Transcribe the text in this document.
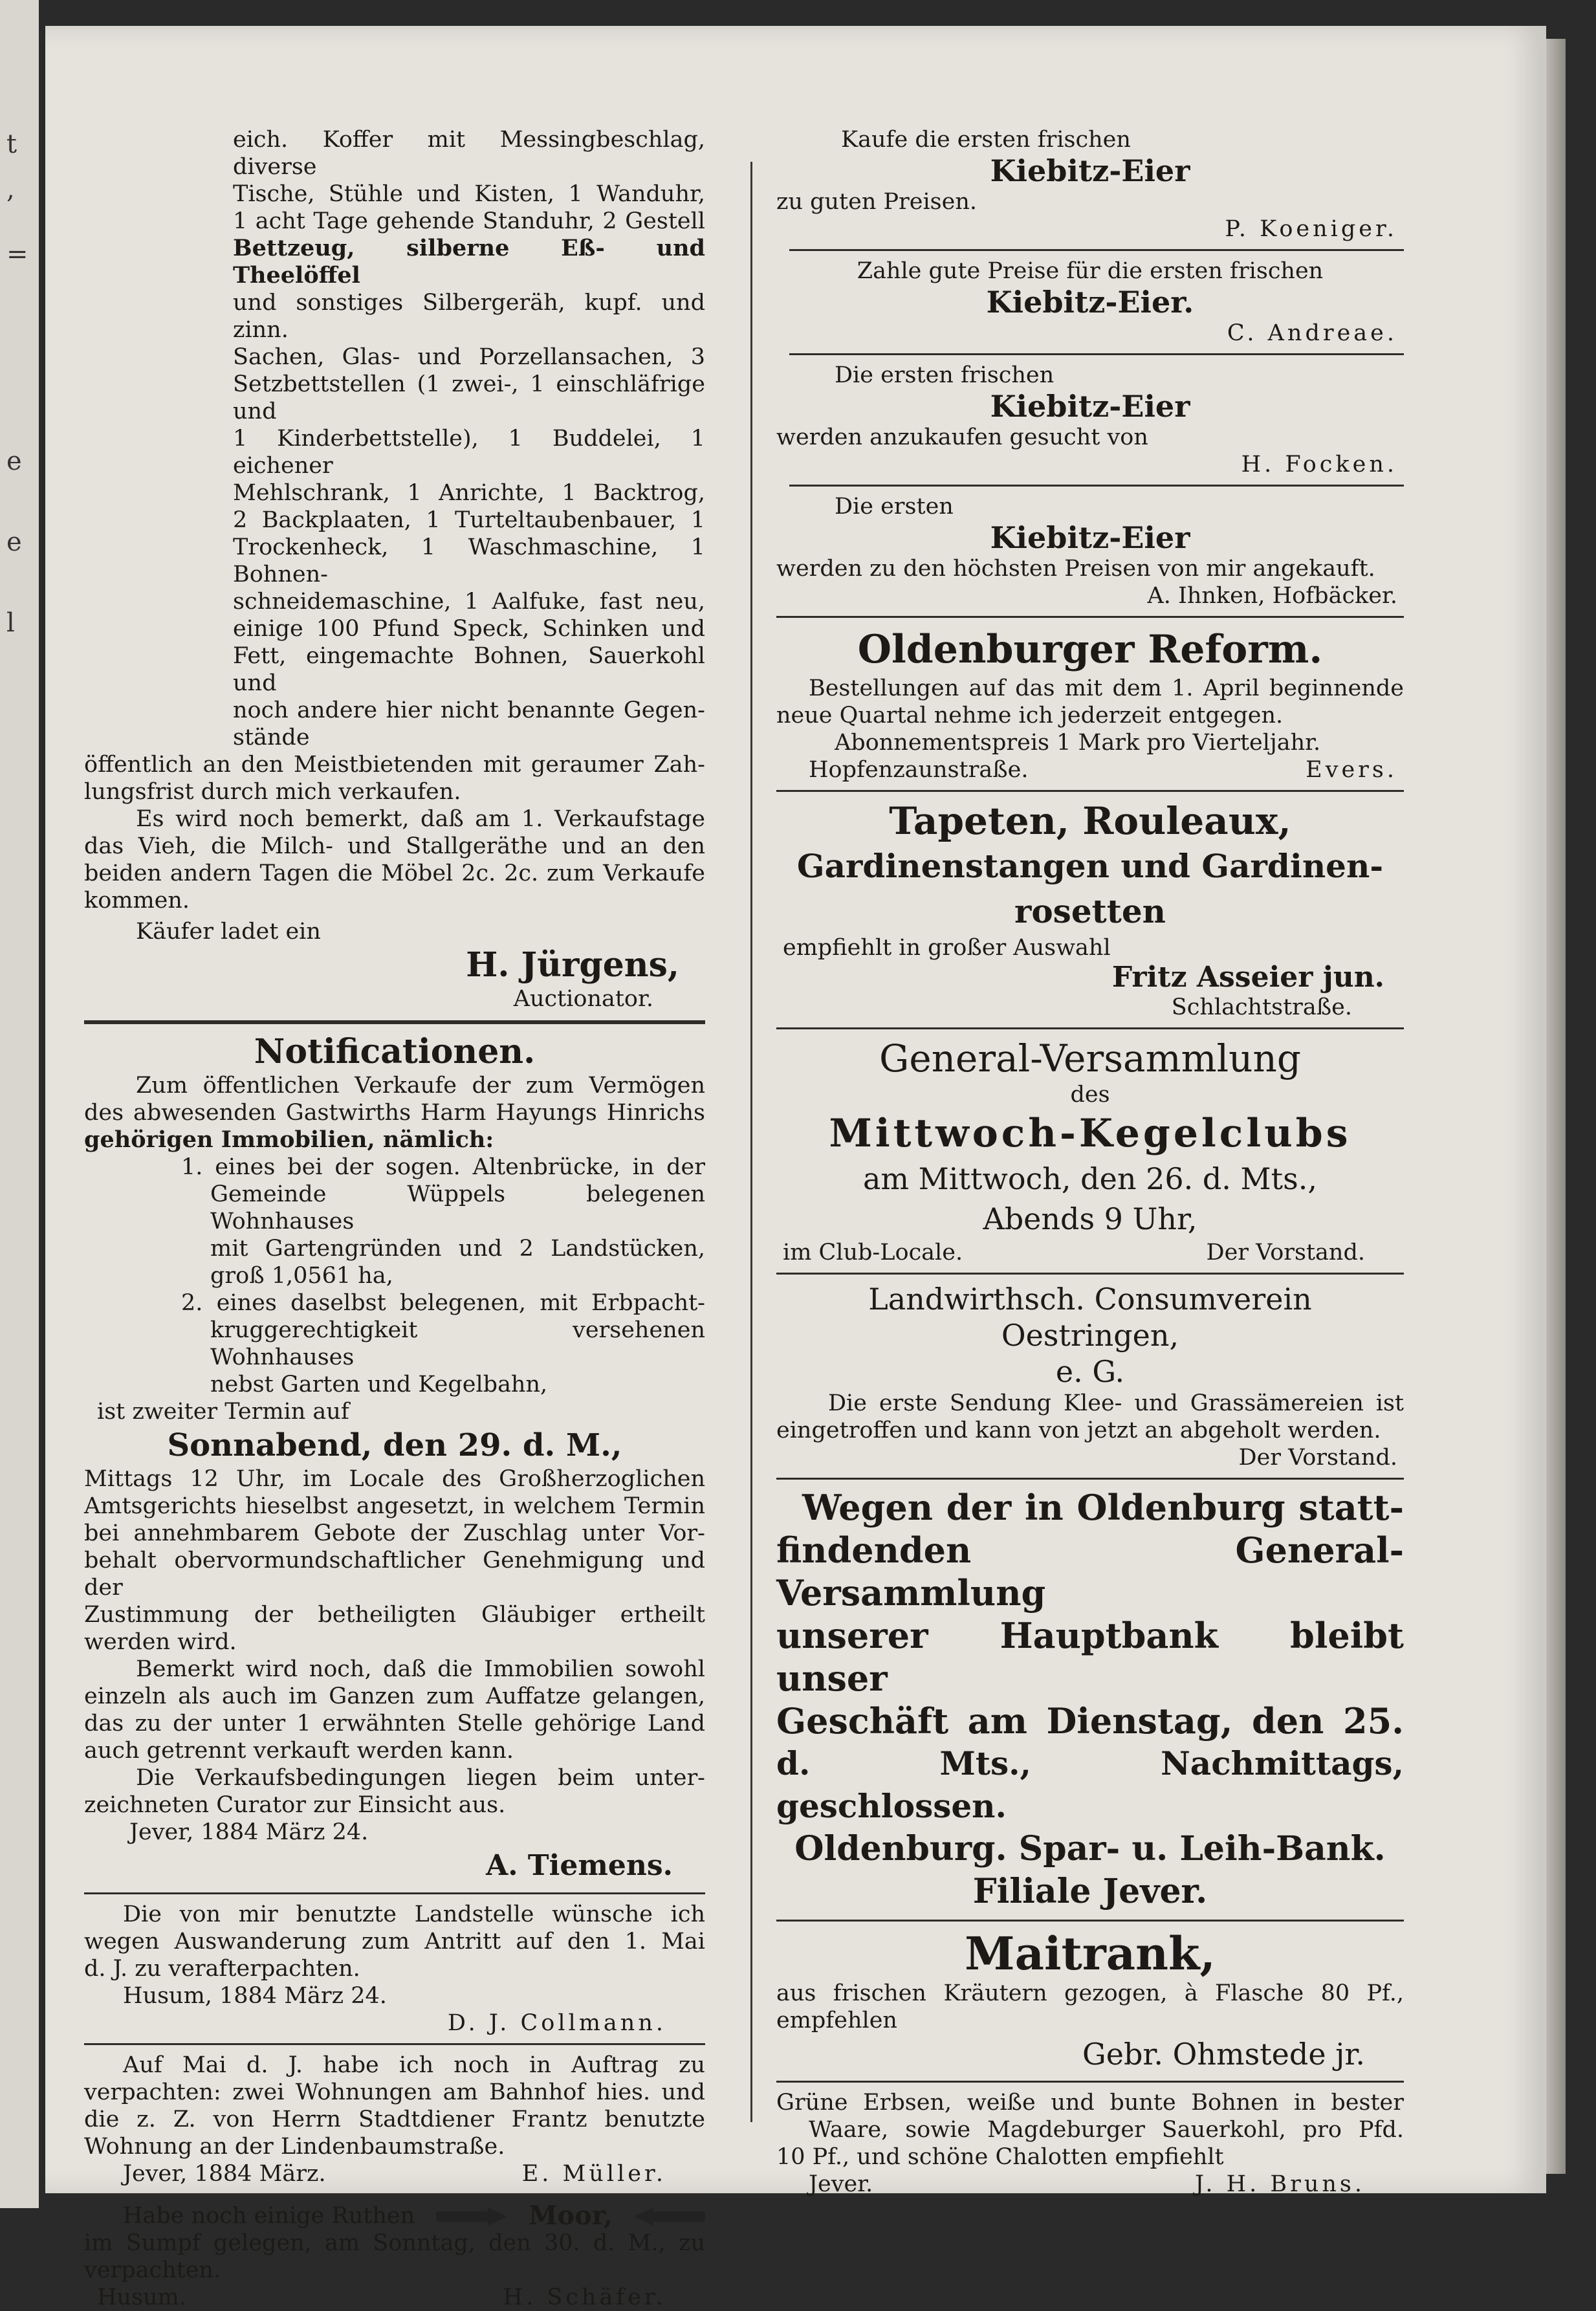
t
,
=
e
e
l
eich. Koffer mit Messingbeschlag, diverse
Tische, Stühle und Kisten, 1 Wanduhr,
1 acht Tage gehende Standuhr, 2 Gestell
Bettzeug, silberne Eß- und Theelöffel
und sonstiges Silbergeräh, kupf. und zinn.
Sachen, Glas- und Porzellansachen, 3
Setzbettstellen (1 zwei-, 1 einschläfrige und
1 Kinderbettstelle), 1 Buddelei, 1 eichener
Mehlschrank, 1 Anrichte, 1 Backtrog,
2 Backplaaten, 1 Turteltaubenbauer, 1
Trockenheck, 1 Waschmaschine, 1 Bohnen-
schneidemaschine, 1 Aalfuke, fast neu,
einige 100 Pfund Speck, Schinken und
Fett, eingemachte Bohnen, Sauerkohl und
noch andere hier nicht benannte Gegen-
stände
öffentlich an den Meistbietenden mit geraumer Zah-
lungsfrist durch mich verkaufen.
Es wird noch bemerkt, daß am 1. Verkaufstage
das Vieh, die Milch- und Stallgeräthe und an den
beiden andern Tagen die Möbel 2c. 2c. zum Verkaufe
kommen.
Käufer ladet ein
H. Jürgens,
Auctionator.
Notificationen.
Zum öffentlichen Verkaufe der zum Vermögen
des abwesenden Gastwirths Harm Hayungs Hinrichs
gehörigen Immobilien, nämlich:
1. eines bei der sogen. Altenbrücke, in der
Gemeinde Wüppels belegenen Wohnhauses
mit Gartengründen und 2 Landstücken,
groß 1,0561 ha,
2. eines daselbst belegenen, mit Erbpacht-
kruggerechtigkeit versehenen Wohnhauses
nebst Garten und Kegelbahn,
ist zweiter Termin auf
Sonnabend, den 29. d. M.,
Mittags 12 Uhr, im Locale des Großherzoglichen
Amtsgerichts hieselbst angesetzt, in welchem Termin
bei annehmbarem Gebote der Zuschlag unter Vor-
behalt obervormundschaftlicher Genehmigung und der
Zustimmung der betheiligten Gläubiger ertheilt
werden wird.
Bemerkt wird noch, daß die Immobilien sowohl
einzeln als auch im Ganzen zum Auffatze gelangen,
das zu der unter 1 erwähnten Stelle gehörige Land
auch getrennt verkauft werden kann.
Die Verkaufsbedingungen liegen beim unter-
zeichneten Curator zur Einsicht aus.
Jever, 1884 März 24.
A. Tiemens.
Die von mir benutzte Landstelle wünsche ich
wegen Auswanderung zum Antritt auf den 1. Mai
d. J. zu verafterpachten.
Husum, 1884 März 24.
D. J. Collmann.
Auf Mai d. J. habe ich noch in Auftrag zu
verpachten: zwei Wohnungen am Bahnhof hies. und
die z. Z. von Herrn Stadtdiener Frantz benutzte
Wohnung an der Lindenbaumstraße.
Jever, 1884 März.	E. Müller.
Habe noch einige Ruthen	Moor,
im Sumpf gelegen, am Sonntag, den 30. d. M., zu
verpachten.
Husum.	H. Schäfer.
Kaufe die ersten frischen
Kiebitz-Eier
zu guten Preisen.
P. Koeniger.
Zahle gute Preise für die ersten frischen
Kiebitz-Eier.
C. Andreae.
Die ersten frischen
Kiebitz-Eier
werden anzukaufen gesucht von
H. Focken.
Die ersten
Kiebitz-Eier
werden zu den höchsten Preisen von mir angekauft.
A. Ihnken, Hofbäcker.
Oldenburger Reform.
Bestellungen auf das mit dem 1. April beginnende
neue Quartal nehme ich jederzeit entgegen.
Abonnementspreis 1 Mark pro Vierteljahr.
Hopfenzaunstraße.	Evers.
Tapeten, Rouleaux,
Gardinenstangen und Gardinen-
rosetten
empfiehlt in großer Auswahl
Fritz Asseier jun.
Schlachtstraße.
General-Versammlung
des
Mittwoch-Kegelclubs
am Mittwoch, den 26. d. Mts.,
Abends 9 Uhr,
im Club-Locale.	Der Vorstand.
Landwirthsch. Consumverein Oestringen,
e. G.
Die erste Sendung Klee- und Grassämereien ist
eingetroffen und kann von jetzt an abgeholt werden.
Der Vorstand.
Wegen der in Oldenburg statt-
findenden General-Versammlung
unserer Hauptbank bleibt unser
Geschäft am Dienstag, den 25.
d. Mts., Nachmittags, geschlossen.
Oldenburg. Spar- u. Leih-Bank.
Filiale Jever.
Maitrank,
aus frischen Kräutern gezogen, à Flasche 80 Pf.,
empfehlen
Gebr. Ohmstede jr.
Grüne Erbsen, weiße und bunte Bohnen in bester
Waare, sowie Magdeburger Sauerkohl, pro Pfd.
10 Pf., und schöne Chalotten empfiehlt
Jever.	J. H. Bruns.
